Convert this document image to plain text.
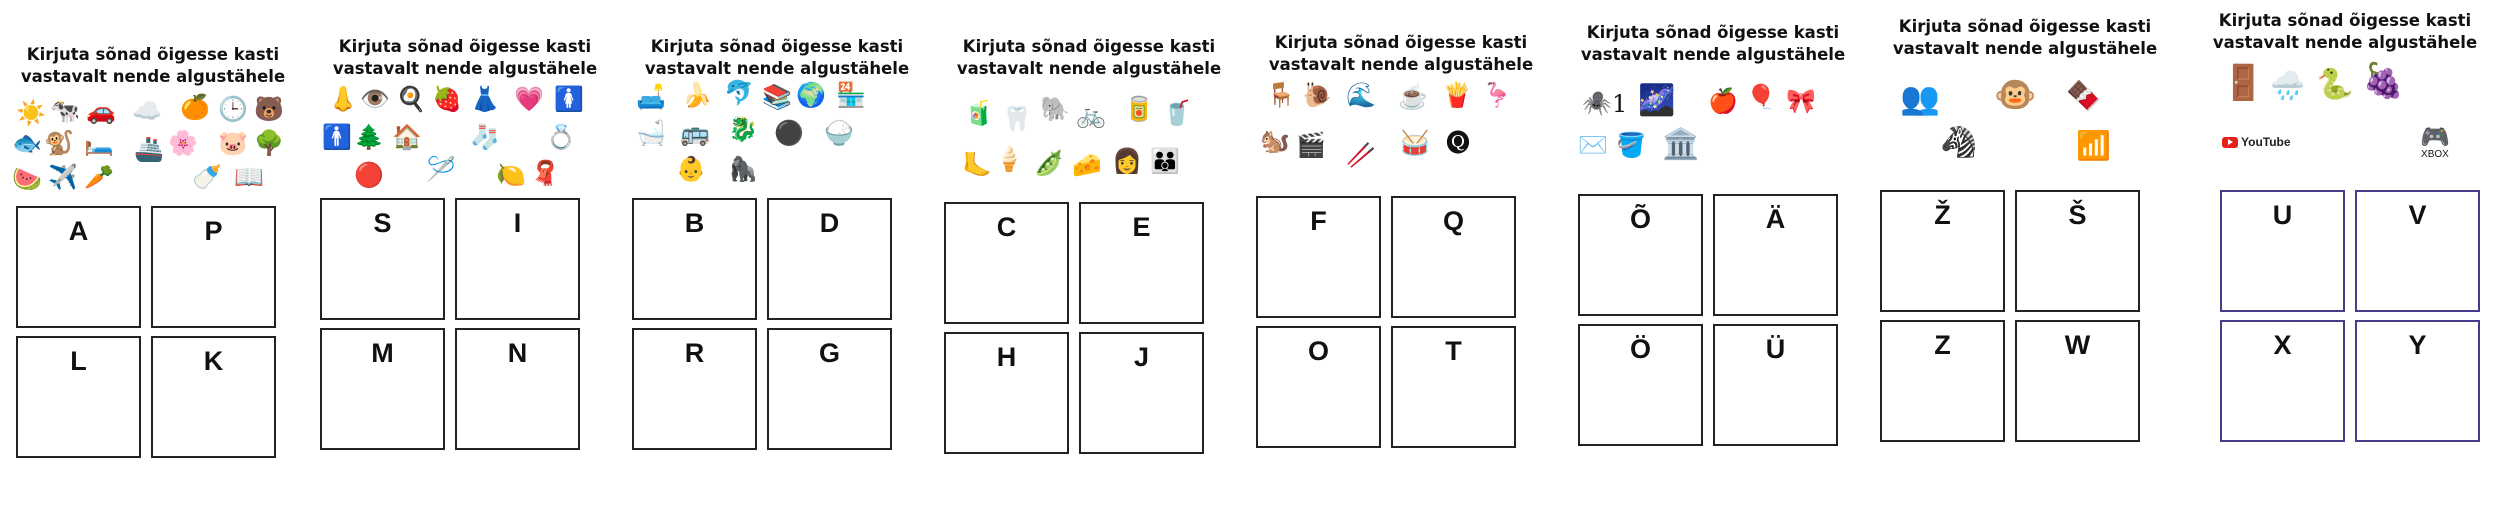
Kirjuta sõnad õigesse kasti
vastavalt nende algustähele
☀️ 🐄 🚗 ☁️ 🍊 🕒 🐻
🐟 🐒 🛏️ 🌸
🚢 🐷 🌳
🍉 ✈️ 🥕	🍼 📖
A	P
L	K
Kirjuta sõnad õigesse kasti
vastavalt nende algustähele
👃 👁️ 🍳 🍓 👗 💗 🚺
🚹 🌲 🏠 🧦 💍
🔴 🪡 🍋 🧣
S	I
M	N
Kirjuta sõnad õigesse kasti
vastavalt nende algustähele
🛋️ 🍌 🐬 📚 🌍 🏪
🛁 🚌 🐉 ⚫ 🍚
👶 🦍
B	D
R	G
Kirjuta sõnad õigesse kasti
vastavalt nende algustähele
🧃 🦷 🐘 🚲 🥫 🥤
🦶 🍦 🫛 🧀 👩 👪
C	E
H	J
Kirjuta sõnad õigesse kasti
vastavalt nende algustähele
🪑 🐌 🌊 ☕ 🍟 🦩
🐿️ 🎬 🥢 🥁 🅠
F	Q
O	T
Kirjuta sõnad õigesse kasti
vastavalt nende algustähele
🕷️ 1 🌌 🍎 🎈 🎀
✉️ 🪣 🏛️
Õ	Ä
Ö	Ü
Kirjuta sõnad õigesse kasti
vastavalt nende algustähele
👥 🐵 🍫
🦓	📶
Ž	Š
Z	W
Kirjuta sõnad õigesse kasti
vastavalt nende algustähele
🚪 🌧️ 🐍 🍇
YouTube	🎮
XBOX
U	V
X	Y
